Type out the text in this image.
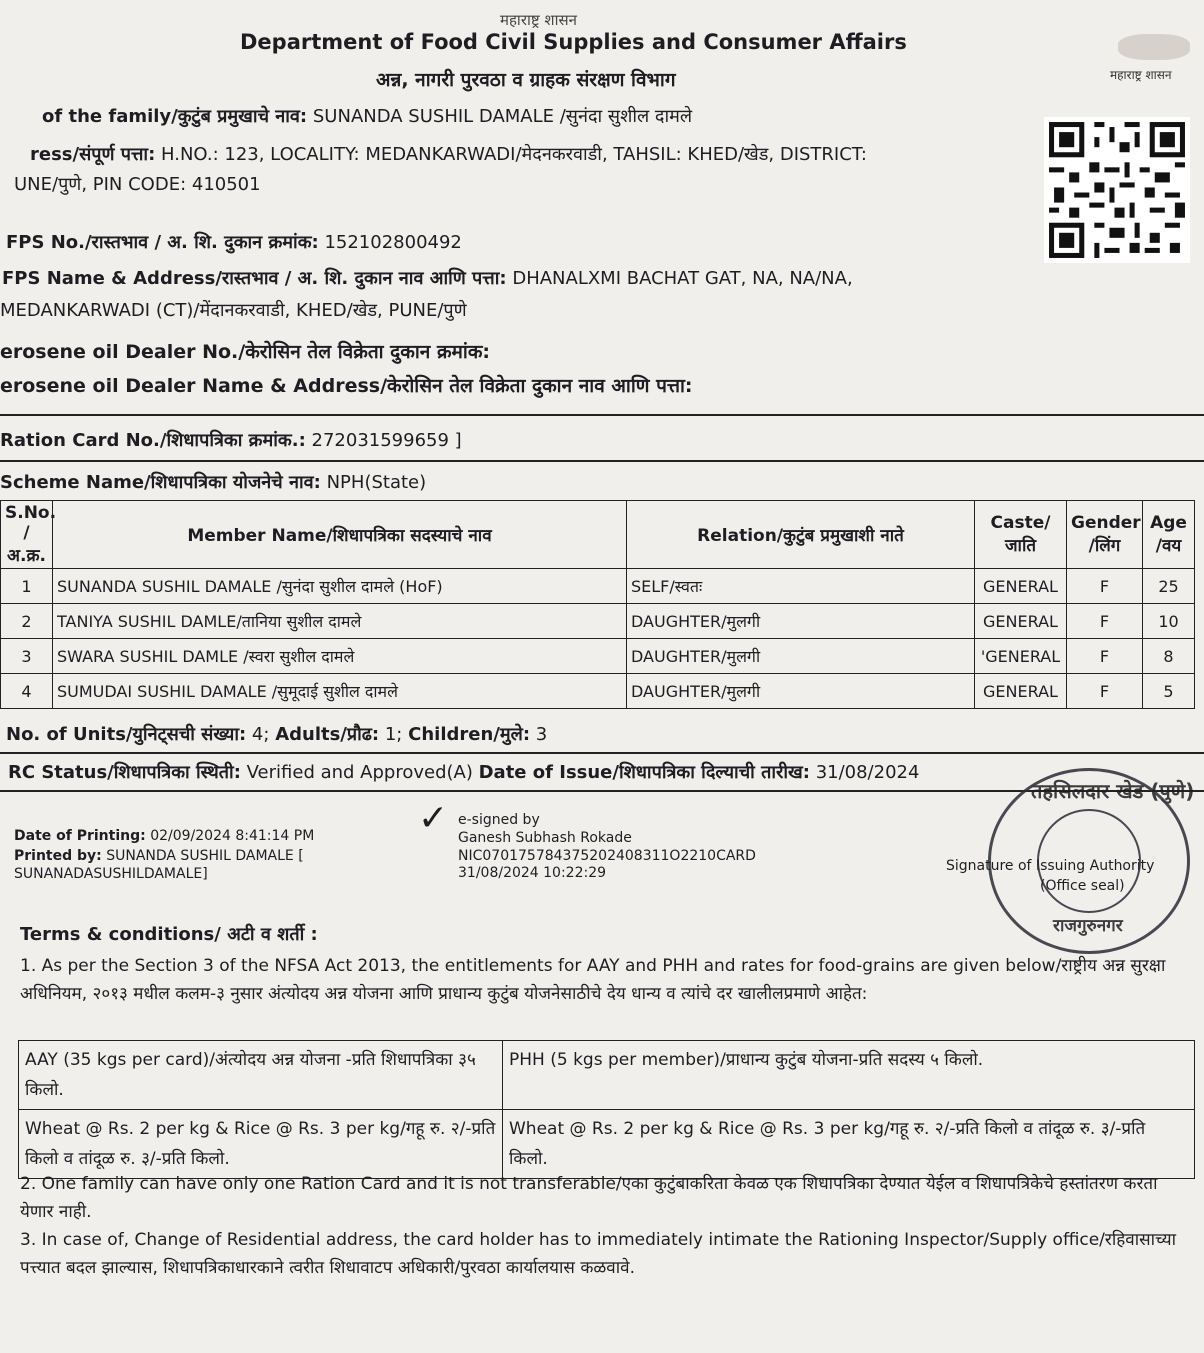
महाराष्ट्र शासन
Department of Food Civil Supplies and Consumer Affairs
अन्न, नागरी पुरवठा व ग्राहक संरक्षण विभाग	महाराष्ट्र शासन
of the family/कुटुंब प्रमुखाचे नाव: SUNANDA SUSHIL DAMALE /सुनंदा सुशील दामले
ress/संपूर्ण पत्ता: H.NO.: 123, LOCALITY: MEDANKARWADI/मेदनकरवाडी, TAHSIL: KHED/खेड, DISTRICT:
UNE/पुणे, PIN CODE: 410501
FPS No./रास्तभाव / अ. शि. दुकान क्रमांक: 152102800492
FPS Name & Address/रास्तभाव / अ. शि. दुकान नाव आणि पत्ता: DHANALXMI BACHAT GAT, NA, NA/NA,
MEDANKARWADI (CT)/मेंदानकरवाडी, KHED/खेड, PUNE/पुणे
erosene oil Dealer No./केरोसिन तेल विक्रेता दुकान क्रमांक:
erosene oil Dealer Name & Address/केरोसिन तेल विक्रेता दुकान नाव आणि पत्ता:
Ration Card No./शिधापत्रिका क्रमांक.: 272031599659 ]
Scheme Name/शिधापत्रिका योजनेचे नाव: NPH(State)
S.No. /अ.क्र.	Member Name/शिधापत्रिका सदस्याचे नाव	Relation/कुटुंब प्रमुखाशी नाते	Caste/ जाति	Gender /लिंग	Age /वय
1	SUNANDA SUSHIL DAMALE /सुनंदा सुशील दामले (HoF)	SELF/स्वतः	GENERAL	F	25
2	TANIYA SUSHIL DAMLE/तानिया सुशील दामले	DAUGHTER/मुलगी	GENERAL	F	10
3	SWARA SUSHIL DAMLE /स्वरा सुशील दामले	DAUGHTER/मुलगी	'GENERAL	F	8
4	SUMUDAI SUSHIL DAMALE /सुमूदाई सुशील दामले	DAUGHTER/मुलगी	GENERAL	F	5
No. of Units/युनिट्सची संख्या: 4; Adults/प्रौढ: 1; Children/मुले: 3
RC Status/शिधापत्रिका स्थिती: Verified and Approved(A) Date of Issue/शिधापत्रिका दिल्याची तारीख: 31/08/2024
Date of Printing: 02/09/2024 8:41:14 PM
Printed by: SUNANDA SUSHIL DAMALE [
SUNANADASUSHILDAMALE]
✓ e-signed by
Ganesh Subhash Rokade
NIC070175784375202408311O2210CARD
31/08/2024 10:22:29
तहसिलदार खेड (पुणे)
राजगुरुनगर
Signature of Issuing Authority
(Office seal)
Terms & conditions/ अटी व शर्ती :
1. As per the Section 3 of the NFSA Act 2013, the entitlements for AAY and PHH and rates for food-grains are given below/राष्ट्रीय अन्न सुरक्षा अधिनियम, २०१३ मधील कलम-३ नुसार अंत्योदय अन्न योजना आणि प्राधान्य कुटुंब योजनेसाठीचे देय धान्य व त्यांचे दर खालीलप्रमाणे आहेत:
AAY (35 kgs per card)/अंत्योदय अन्न योजना -प्रति शिधापत्रिका ३५ किलो.	PHH (5 kgs per member)/प्राधान्य कुटुंब योजना-प्रति सदस्य ५ किलो.
Wheat @ Rs. 2 per kg & Rice @ Rs. 3 per kg/गहू रु. २/-प्रति किलो व तांदूळ रु. ३/-प्रति किलो.	Wheat @ Rs. 2 per kg & Rice @ Rs. 3 per kg/गहू रु. २/-प्रति किलो व तांदूळ रु. ३/-प्रति किलो.
2. One family can have only one Ration Card and it is not transferable/एका कुटुंबाकरिता केवळ एक शिधापत्रिका देण्यात येईल व शिधापत्रिकेचे हस्तांतरण करता येणार नाही.
3. In case of, Change of Residential address, the card holder has to immediately intimate the Rationing Inspector/Supply office/रहिवासाच्या पत्त्यात बदल झाल्यास, शिधापत्रिकाधारकाने त्वरीत शिधावाटप अधिकारी/पुरवठा कार्यालयास कळवावे.
